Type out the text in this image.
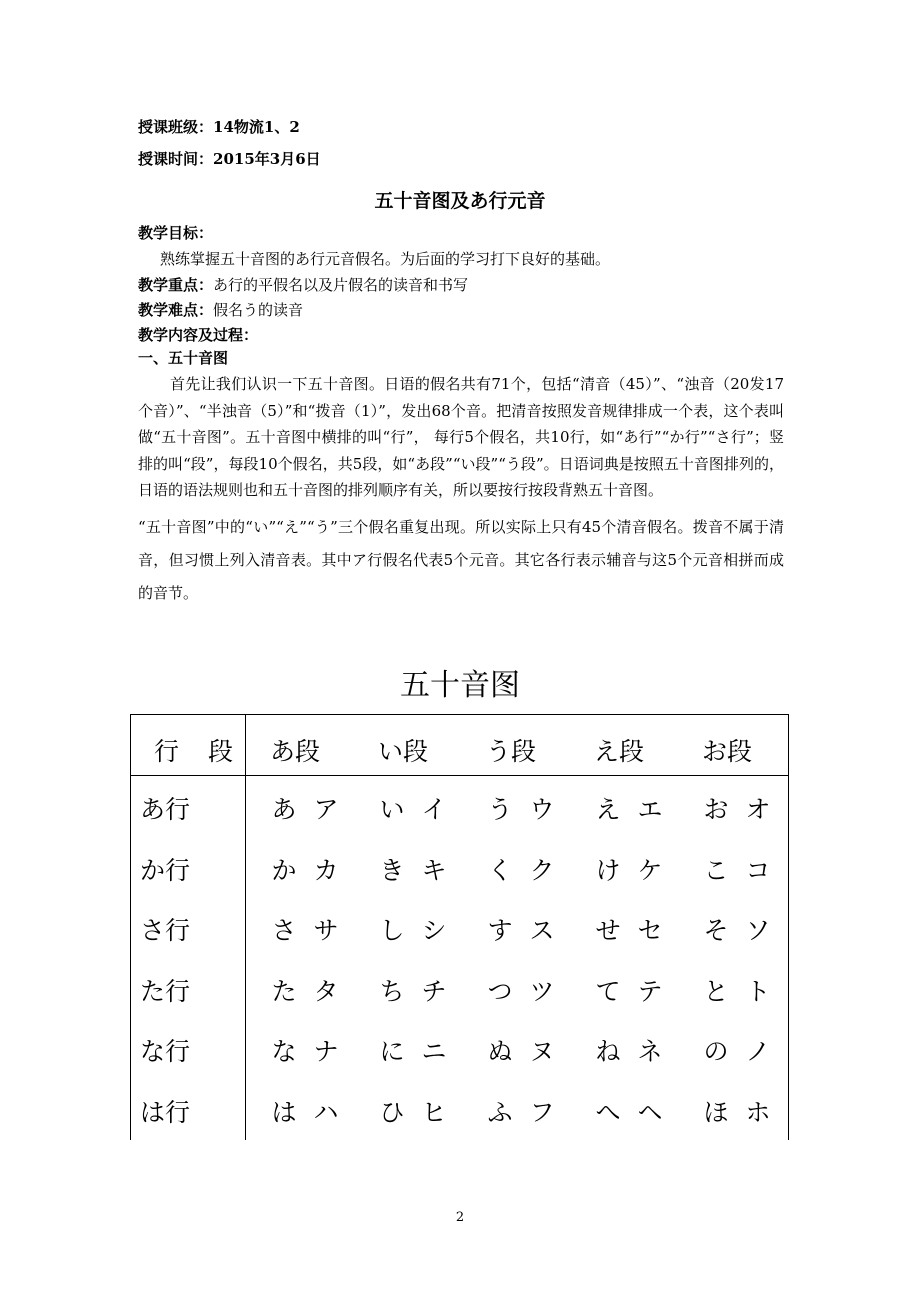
授课班级：14物流1、2
授课时间：2015年3月6日
五十音图及あ行元音
教学目标：
熟练掌握五十音图的あ行元音假名。为后面的学习打下良好的基础。
教学重点：あ行的平假名以及片假名的读音和书写
教学难点：假名う的读音
教学内容及过程：
一、五十音图
首先让我们认识一下五十音图。日语的假名共有71个，包括“清音（45）”、“浊音（20发17个音）”、“半浊音（5）”和“拨音（1）”，发出68个音。把清音按照发音规律排成一个表，这个表叫做“五十音图”。五十音图中横排的叫“行”， 每行5个假名，共10行，如“あ行”“か行”“さ行”；竖排的叫“段”，每段10个假名，共5段，如“あ段”“い段”“う段”。日语词典是按照五十音图排列的，日语的语法规则也和五十音图的排列顺序有关，所以要按行按段背熟五十音图。
“五十音图”中的“い”“え”“う”三个假名重复出现。所以实际上只有45个清音假名。拨音不属于清音，但习惯上列入清音表。其中ア行假名代表5个元音。其它各行表示辅音与这5个元音相拼而成的音节。
五十音图
行 段 あ段 い段 う段 え段 お段
あ行	あ ア	い イ	う ウ	え エ	お オ
か行	か カ	き キ	く ク	け ケ	こ コ
さ行	さ サ	し シ	す ス	せ セ	そ ソ
た行	た タ	ち チ	つ ツ	て テ	と ト
な行	な ナ	に ニ	ぬ ヌ	ね ネ	の ノ
は行	は ハ	ひ ヒ	ふ フ	へ ヘ	ほ ホ
2
